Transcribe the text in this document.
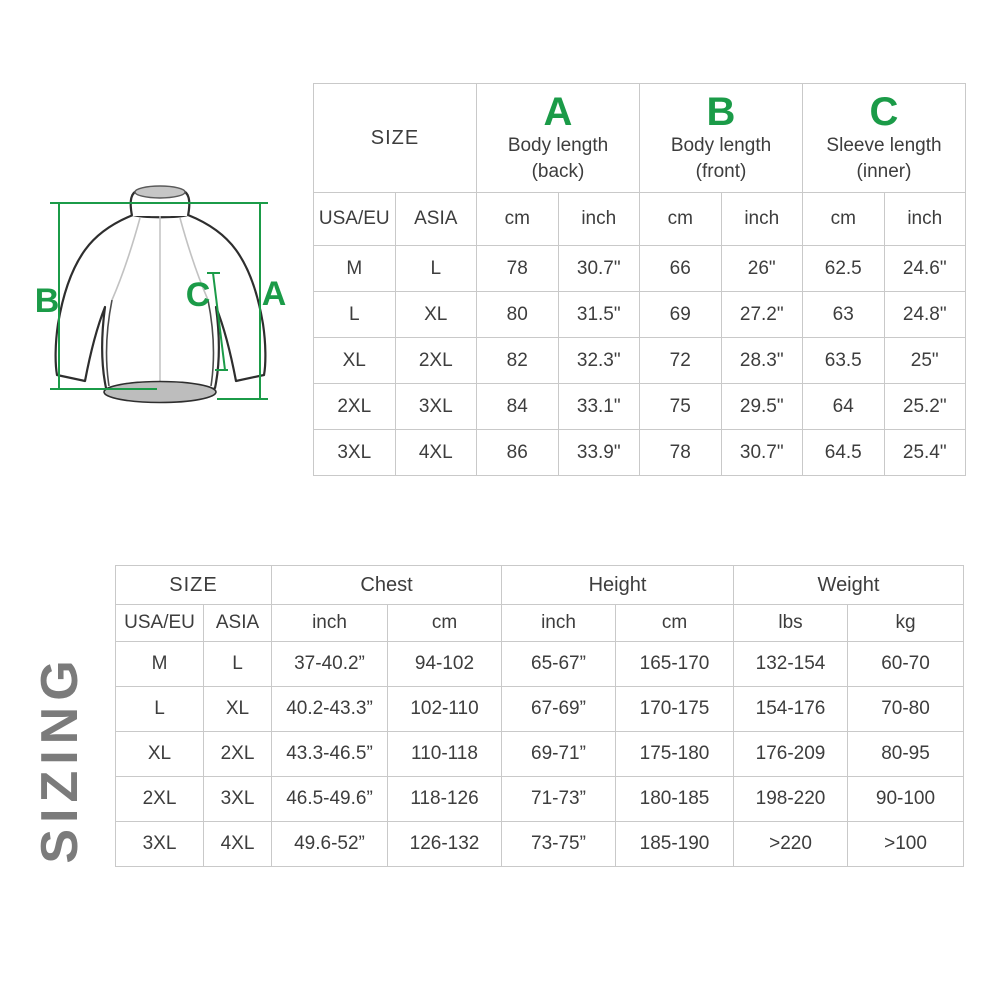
B	C A
SIZE	
A
Body length
(back)

B
Body length
(front)

C
Sleeve length
(inner)

USA/EU	ASIA	cm	inch	cm	inch	cm	inch
M	L	78	30.7"	66	26"	62.5	24.6"
L	XL	80	31.5"	69	27.2"	63	24.8"
XL	2XL	82	32.3"	72	28.3"	63.5	25"
2XL	3XL	84	33.1"	75	29.5"	64	25.2"
3XL	4XL	86	33.9"	78	30.7"	64.5	25.4"
SIZING
SIZE		Chest		Height		Weight	
USA/EU	ASIA	inch	cm	inch	cm	lbs	kg
M	L	37-40.2”	94-102	65-67”	165-170	132-154	60-70
L	XL	40.2-43.3”	102-110	67-69”	170-175	154-176	70-80
XL	2XL	43.3-46.5”	110-118	69-71”	175-180	176-209	80-95
2XL	3XL	46.5-49.6”	118-126	71-73”	180-185	198-220	90-100
3XL	4XL	49.6-52”	126-132	73-75”	185-190	>220	>100
